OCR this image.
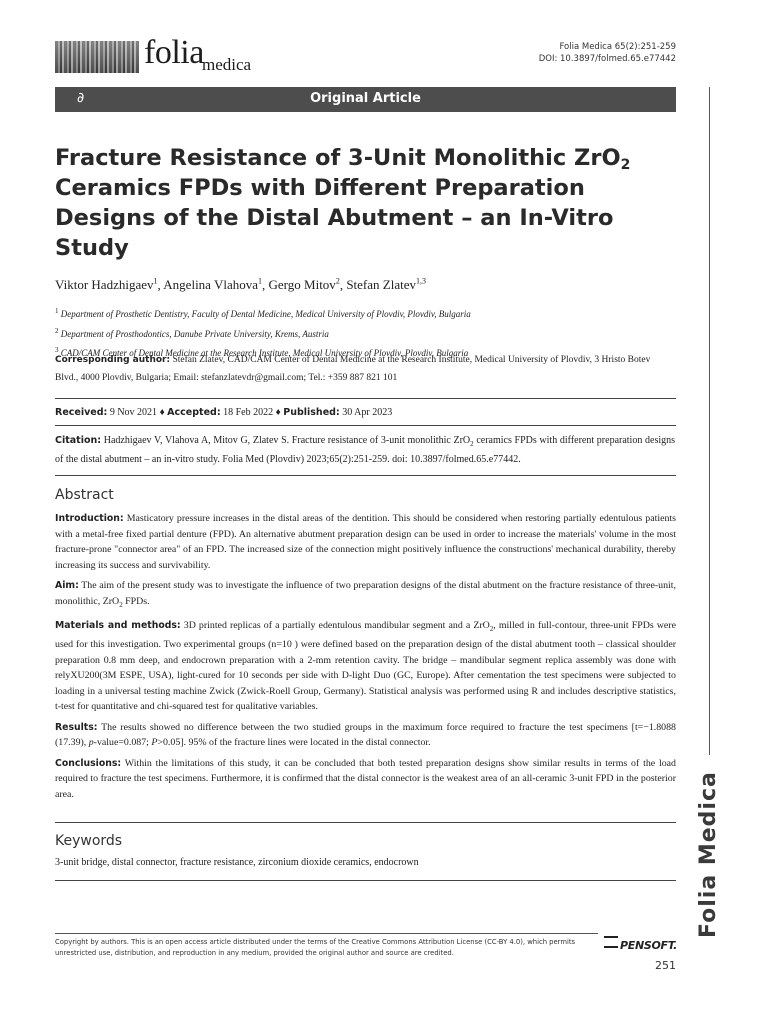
folia
medica
Folia Medica 65(2):251-259
DOI: 10.3897/folmed.65.e77442
∂	Original Article
Folia Medica
Fracture Resistance of 3-Unit Monolithic ZrO$_2$ Ceramics FPDs with Different Preparation Designs of the Distal Abutment – an In-Vitro Study
Viktor Hadzhigaev$^1$, Angelina Vlahova$^1$, Gergo Mitov$^2$, Stefan Zlatev$^{1,3}$
$^1$ Department of Prosthetic Dentistry, Faculty of Dental Medicine, Medical University of Plovdiv, Plovdiv, Bulgaria
$^2$ Department of Prosthodontics, Danube Private University, Krems, Austria
$^3$ CAD/CAM Center of Dental Medicine at the Research Institute, Medical University of Plovdiv, Plovdiv, Bulgaria
Corresponding author: Stefan Zlatev, CAD/CAM Center of Dental Medicine at the Research Institute, Medical University of Plovdiv, 3 Hristo Botev Blvd., 4000 Plovdiv, Bulgaria; Email: stefanzlatevdr@gmail.com; Tel.: +359 887 821 101
Received: 9 Nov 2021 ♦ Accepted: 18 Feb 2022 ♦ Published: 30 Apr 2023
Citation: Hadzhigaev V, Vlahova A, Mitov G, Zlatev S. Fracture resistance of 3-unit monolithic ZrO$_2$ ceramics FPDs with different preparation designs of the distal abutment – an in-vitro study. Folia Med (Plovdiv) 2023;65(2):251-259. doi: 10.3897/folmed.65.e77442.
Abstract

Introduction: Masticatory pressure increases in the distal areas of the dentition. This should be considered when restoring partially edentulous patients with a metal-free fixed partial denture (FPD). An alternative abutment preparation design can be used in order to increase the materials' volume in the most fracture-prone "connector area" of an FPD. The increased size of the connection might positively influence the constructions' mechanical durability, thereby increasing its success and survivability.

Aim: The aim of the present study was to investigate the influence of two preparation designs of the distal abutment on the fracture resistance of three-unit, monolithic, ZrO$_2$ FPDs.

Materials and methods: 3D printed replicas of a partially edentulous mandibular segment and a ZrO$_2$, milled in full-contour, three-unit FPDs were used for this investigation. Two experimental groups (n=10 ) were defined based on the preparation design of the distal abutment tooth – classical shoulder preparation 0.8 mm deep, and endocrown preparation with a 2-mm retention cavity. The bridge – mandibular segment replica assembly was done with relyXU200(3M ESPE, USA), light-cured for 10 seconds per side with D-light Duo (GC, Europe). After cementation the test specimens were subjected to loading in a universal testing machine Zwick (Zwick-Roell Group, Germany). Statistical analysis was performed using R and includes descriptive statistics, t-test for quantitative and chi-squared test for qualitative variables.

Results: The results showed no difference between the two studied groups in the maximum force required to fracture the test specimens [t=−1.8088 (17.39), p-value=0.087; P>0.05]. 95% of the fracture lines were located in the distal connector.

Conclusions: Within the limitations of this study, it can be concluded that both tested preparation designs show similar results in terms of the load required to fracture the test specimens. Furthermore, it is confirmed that the distal connector is the weakest area of an all-ceramic 3-unit FPD in the posterior area.

Keywords
3-unit bridge, distal connector, fracture resistance, zirconium dioxide ceramics, endocrown
Copyright by authors. This is an open access article distributed under the terms of the Creative Commons Attribution License (CC-BY 4.0), which permits unrestricted use, distribution, and reproduction in any medium, provided the original author and source are credited.
PENSOFT.
251
